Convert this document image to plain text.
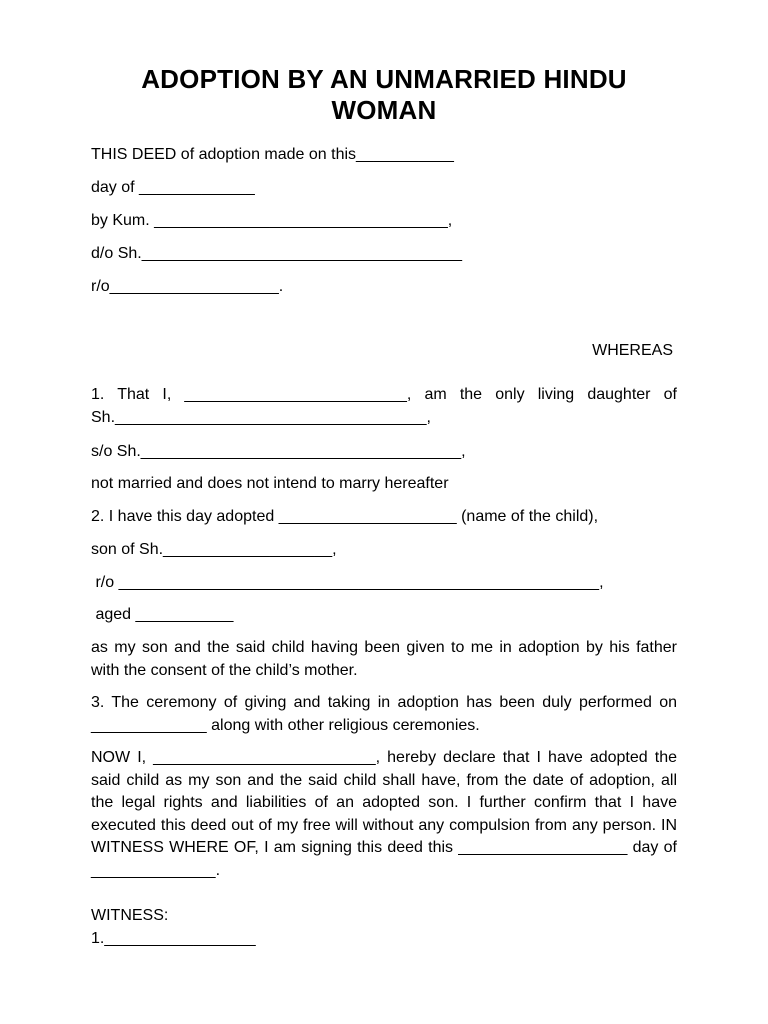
ADOPTION BY AN UNMARRIED HINDU
WOMAN
THIS DEED of adoption made on this___________
day of _____________
by Kum. _________________________________,
d/o Sh.____________________________________
r/o___________________.
WHEREAS
1. That I, _________________________, am the only living daughter of
Sh.___________________________________,
s/o Sh.____________________________________,
not married and does not intend to marry hereafter
2. I have this day adopted ____________________ (name of the child),
son of Sh.___________________,
r/o ______________________________________________________,
aged ___________
as my son and the said child having been given to me in adoption by his father with the consent of the child’s mother.
3. The ceremony of giving and taking in adoption has been duly performed on _____________ along with other religious ceremonies.
NOW I, _________________________, hereby declare that I have adopted the said child as my son and the said child shall have, from the date of adoption, all the legal rights and liabilities of an adopted son. I further confirm that I have executed this deed out of my free will without any compulsion from any person. IN WITNESS WHERE OF, I am signing this deed this ___________________ day of ______________.
WITNESS:
1._________________
